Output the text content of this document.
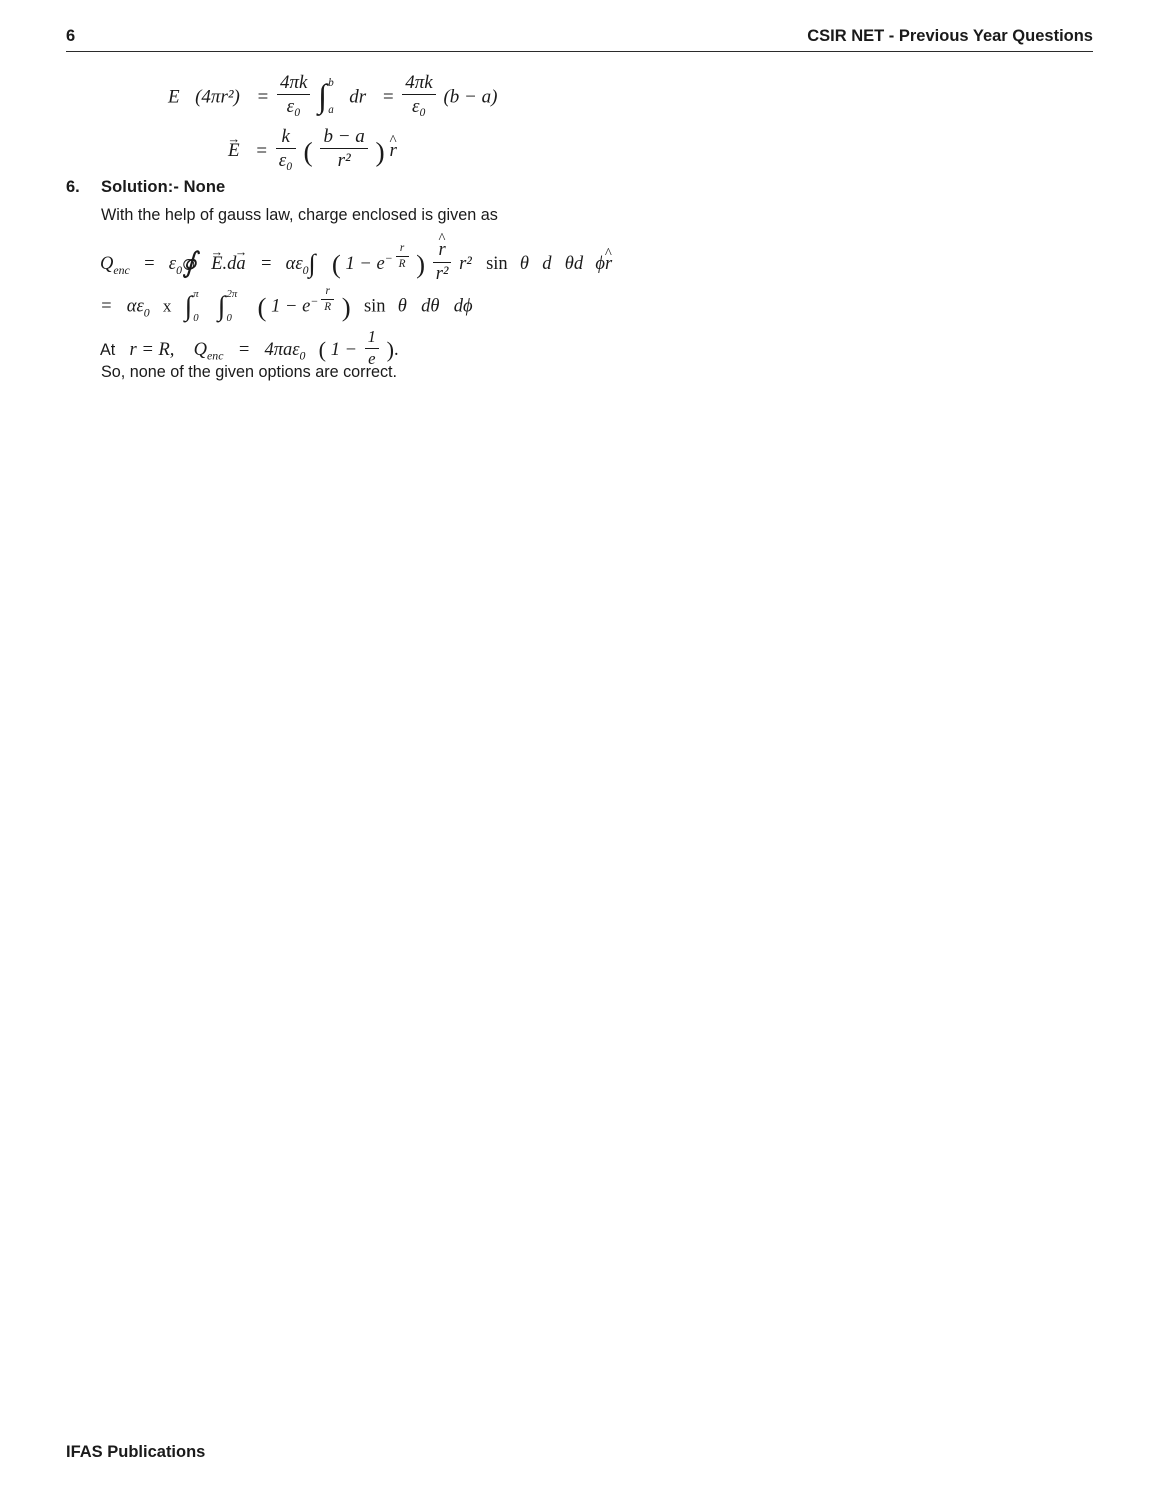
6	CSIR NET - Previous Year Questions
E $(4\pi r^2) = \frac{4\pi k}{\text{ε₀}}$ ∫ b
a
dr = $\frac{4\pi k}{\text{ε₀}} (b - a)$
E → = $\frac{k}{\text{ε₀}}$ ( $\frac{b - a}{\text{r²}}$ ) r ^
6. Solution:- None
With the help of gauss law, charge enclosed is given as
$Q_{enc}$ = $\varepsilon_0∮$ E →.da → = $\alpha\varepsilon_0\int$ ( $1 - e^{- \frac{r}{R}}$ ) $\frac{r \^{}}{\text{r²}} r^2$ sin θ d θd ϕr ^
= $\alpha\varepsilon_0$ x ∫ π
0 ∫ 2π
0 ( $1 - e^{- \frac{r}{R}}$ ) sin θ dθ dϕ
At r = R, $Q_{enc} = 4\pi a\varepsilon_0$ ( $1 - \frac{1}{e}$ ).
So, none of the given options are correct.
IFAS Publications
